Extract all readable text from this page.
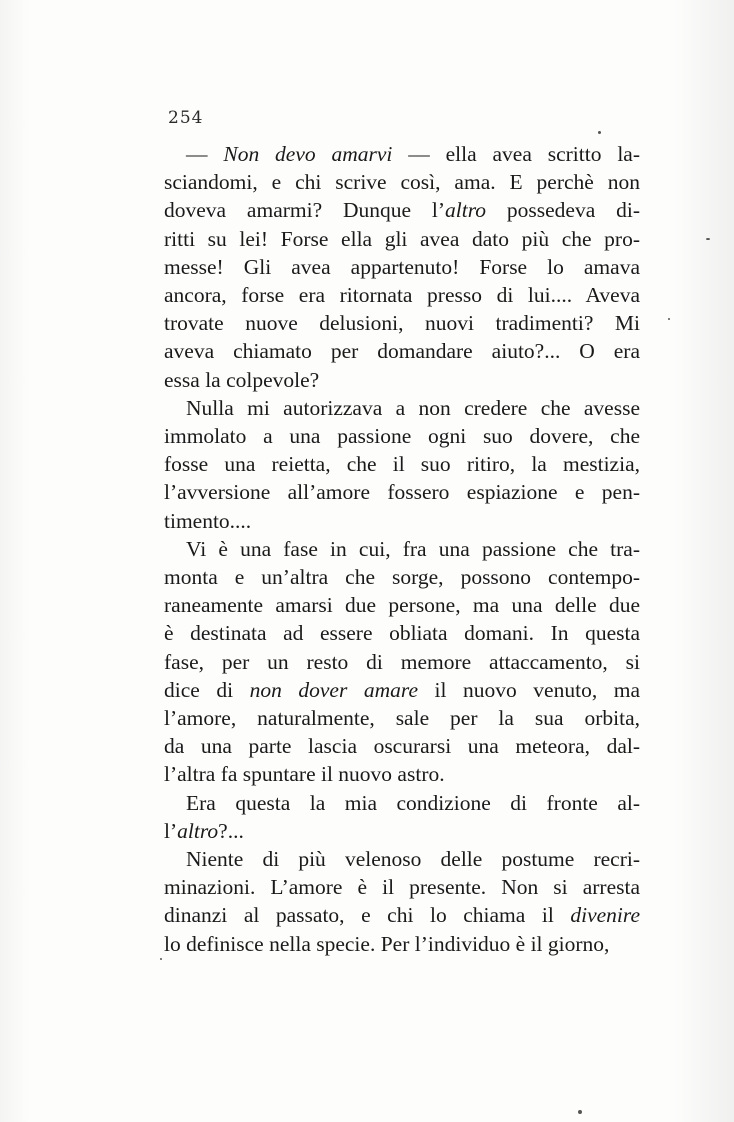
254
— Non devo amarvi — ella avea scritto la-
sciandomi, e chi scrive così, ama. E perchè non
doveva amarmi? Dunque l’altro possedeva di-
ritti su lei! Forse ella gli avea dato più che pro-
messe! Gli avea appartenuto! Forse lo amava
ancora, forse era ritornata presso di lui.... Aveva
trovate nuove delusioni, nuovi tradimenti? Mi
aveva chiamato per domandare aiuto?... O era
essa la colpevole?
Nulla mi autorizzava a non credere che avesse
immolato a una passione ogni suo dovere, che
fosse una reietta, che il suo ritiro, la mestizia,
l’avversione all’amore fossero espiazione e pen-
timento....
Vi è una fase in cui, fra una passione che tra-
monta e un’altra che sorge, possono contempo-
raneamente amarsi due persone, ma una delle due
è destinata ad essere obliata domani. In questa
fase, per un resto di memore attaccamento, si
dice di non dover amare il nuovo venuto, ma
l’amore, naturalmente, sale per la sua orbita,
da una parte lascia oscurarsi una meteora, dal-
l’altra fa spuntare il nuovo astro.
Era questa la mia condizione di fronte al-
l’altro?...
Niente di più velenoso delle postume recri-
minazioni. L’amore è il presente. Non si arresta
dinanzi al passato, e chi lo chiama il divenire
lo definisce nella specie. Per l’individuo è il giorno,
